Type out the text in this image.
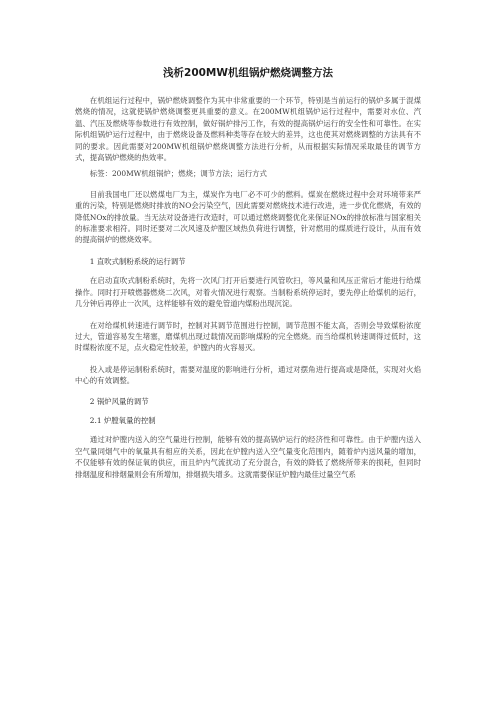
浅析200MW机组锅炉燃烧调整方法

在机组运行过程中，锅炉燃烧调整作为其中非常重要的一个环节，特别是当前运行的锅炉多属于混煤燃烧的情况，这就使锅炉燃烧调整更具重要的意义。在200MW机组锅炉运行过程中，需要对水位、汽温、汽压及燃烧等参数进行有效控制，做好锅炉排污工作，有效的提高锅炉运行的安全性和可靠性。在实际机组锅炉运行过程中，由于燃烧设备及燃料种类等存在较大的差异，这也使其对燃烧调整的方法具有不同的要求。因此需要对200MW机组锅炉燃烧调整方法进行分析，从而根据实际情况采取最佳的调节方式，提高锅炉燃烧的热效率。

标签：200MW机组锅炉；燃烧；调节方法；运行方式

目前我国电厂还以燃煤电厂为主，煤炭作为电厂必不可少的燃料。煤炭在燃烧过程中会对环境带来严重的污染，特别是燃烧时排放的NO会污染空气，因此需要对燃烧技术进行改进，进一步优化燃烧，有效的降低NOx的排放量。当无法对设备进行改造时，可以通过燃烧调整优化来保证NOx的排放标准与国家相关的标准要求相符。同时还要对二次风速及炉膛区域热负荷进行调整，针对燃用的煤质进行设计，从而有效的提高锅炉的燃烧效率。

1 直吹式制粉系统的运行调节

在启动直吹式制粉系统时，先将一次风门打开后要进行风管吹扫，等风量和风压正常后才能进行给煤操作。同时打开喷燃器燃烧二次风，对着火情况进行观察。当制粉系统停运时，要先停止给煤机的运行，几分钟后再停止一次风，这样能够有效的避免管道内煤粉出现沉淀。

在对给煤机转速进行调节时，控制对其调节范围进行控制，调节范围不能太高，否则会导致煤粉浓度过大，管道容易发生堵塞，磨煤机出现过载情况而影响煤粉的完全燃烧。而当给煤机转速调得过低时，这时煤粉浓度不足，点火稳定性较差，炉膛内的火容易灭。

投入或是停运制粉系统时，需要对温度的影响进行分析，通过对摆角进行提高或是降低，实现对火焰中心的有效调整。

2 锅炉风量的调节

2.1 炉膛氧量的控制

通过对炉膛内送入的空气量进行控制，能够有效的提高锅炉运行的经济性和可靠性。由于炉膛内送入空气量同烟气中的氧量具有相应的关系，因此在炉膛内送入空气量变化范围内，随着炉内送风量的增加，不仅能够有效的保证氧的供应，而且炉内气流扰动了充分混合，有效的降低了燃烧所带来的损耗，但同时排烟温度和排烟量则会有所增加，排烟损失增多。这就需要保证炉膛内最佳过量空气系
